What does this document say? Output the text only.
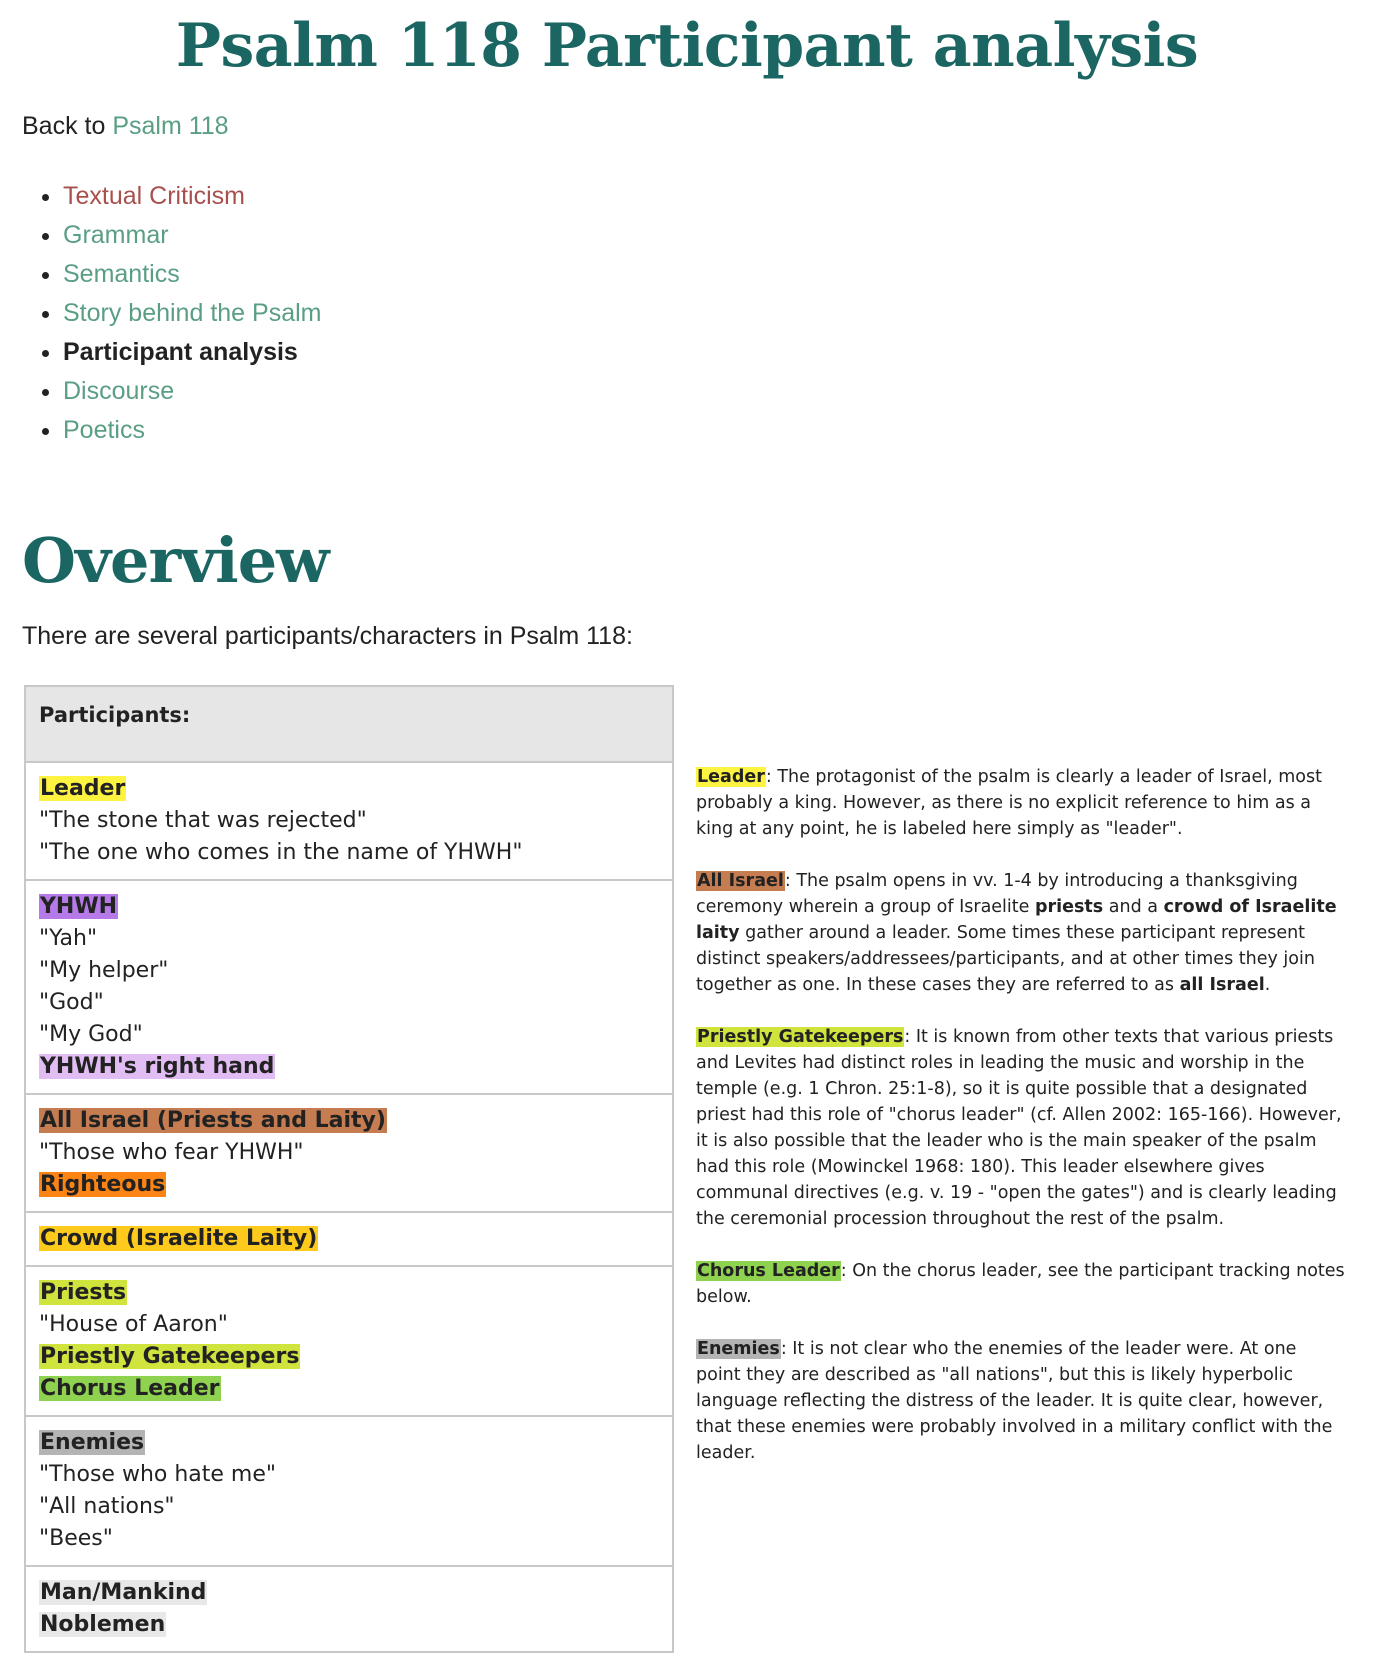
Psalm 118 Participant analysis

Back to Psalm 118

• Textual Criticism
• Grammar
• Semantics
• Story behind the Psalm
• Participant analysis
• Discourse
• Poetics
Overview

There are several participants/characters in Psalm 118:

Participants:

Leader
"The stone that was rejected"
"The one who comes in the name of YHWH"

YHWH
"Yah"
"My helper"
"God"
"My God"
YHWH's right hand

All Israel (Priests and Laity)
"Those who fear YHWH"
Righteous

Crowd (Israelite Laity)

Priests
"House of Aaron"
Priestly Gatekeepers
Chorus Leader

Enemies
"Those who hate me"
"All nations"
"Bees"

Man/Mankind
Noblemen

Leader: The protagonist of the psalm is clearly a leader of Israel, most probably a king. However, as there is no explicit reference to him as a king at any point, he is labeled here simply as "leader".

All Israel: The psalm opens in vv. 1-4 by introducing a thanksgiving ceremony wherein a group of Israelite priests and a crowd of Israelite laity gather around a leader. Some times these participant represent distinct speakers/addressees/participants, and at other times they join together as one. In these cases they are referred to as all Israel.

Priestly Gatekeepers: It is known from other texts that various priests and Levites had distinct roles in leading the music and worship in the temple (e.g. 1 Chron. 25:1-8), so it is quite possible that a designated priest had this role of "chorus leader" (cf. Allen 2002: 165-166). However, it is also possible that the leader who is the main speaker of the psalm had this role (Mowinckel 1968: 180). This leader elsewhere gives communal directives (e.g. v. 19 - "open the gates") and is clearly leading the ceremonial procession throughout the rest of the psalm.

Chorus Leader: On the chorus leader, see the participant tracking notes below.

Enemies: It is not clear who the enemies of the leader were. At one point they are described as "all nations", but this is likely hyperbolic language reflecting the distress of the leader. It is quite clear, however, that these enemies were probably involved in a military conflict with the leader.
